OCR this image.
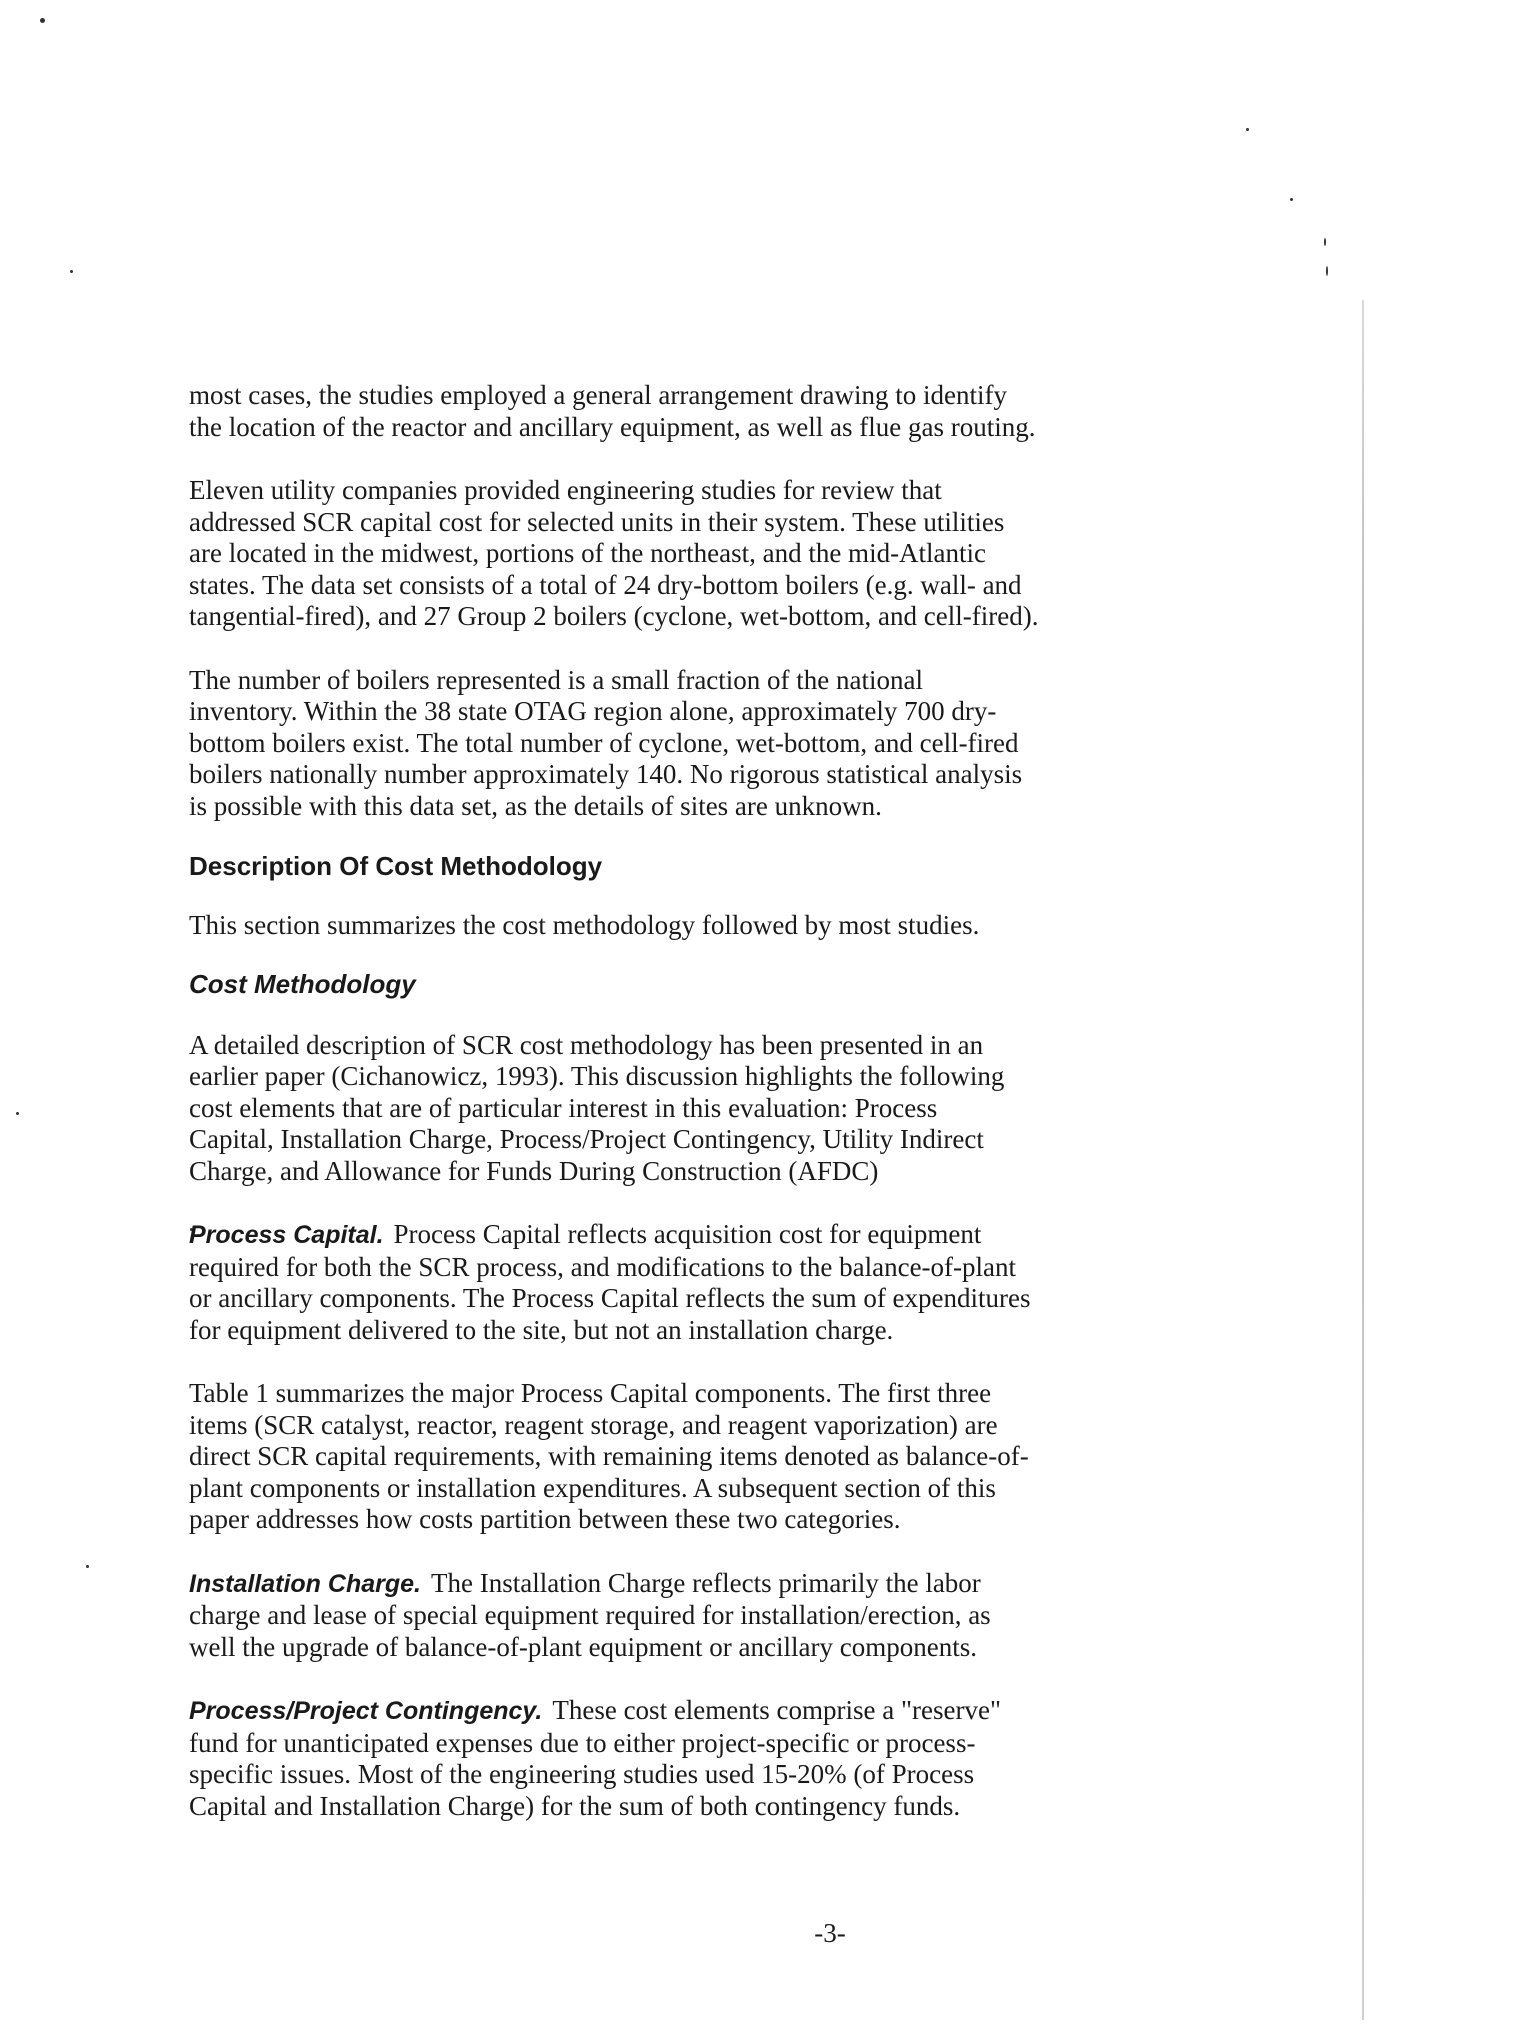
most cases, the studies employed a general arrangement drawing to identify
the location of the reactor and ancillary equipment, as well as flue gas routing.

Eleven utility companies provided engineering studies for review that
addressed SCR capital cost for selected units in their system. These utilities
are located in the midwest, portions of the northeast, and the mid-Atlantic
states. The data set consists of a total of 24 dry-bottom boilers (e.g. wall- and
tangential-fired), and 27 Group 2 boilers (cyclone, wet-bottom, and cell-fired).

The number of boilers represented is a small fraction of the national
inventory. Within the 38 state OTAG region alone, approximately 700 dry-
bottom boilers exist. The total number of cyclone, wet-bottom, and cell-fired
boilers nationally number approximately 140. No rigorous statistical analysis
is possible with this data set, as the details of sites are unknown.

Description Of Cost Methodology

This section summarizes the cost methodology followed by most studies.

Cost Methodology

A detailed description of SCR cost methodology has been presented in an
earlier paper (Cichanowicz, 1993). This discussion highlights the following
cost elements that are of particular interest in this evaluation: Process
Capital, Installation Charge, Process/Project Contingency, Utility Indirect
Charge, and Allowance for Funds During Construction (AFDC)

Process Capital. Process Capital reflects acquisition cost for equipment
required for both the SCR process, and modifications to the balance-of-plant
or ancillary components. The Process Capital reflects the sum of expenditures
for equipment delivered to the site, but not an installation charge.

Table 1 summarizes the major Process Capital components. The first three
items (SCR catalyst, reactor, reagent storage, and reagent vaporization) are
direct SCR capital requirements, with remaining items denoted as balance-of-
plant components or installation expenditures. A subsequent section of this
paper addresses how costs partition between these two categories.

Installation Charge. The Installation Charge reflects primarily the labor
charge and lease of special equipment required for installation/erection, as
well the upgrade of balance-of-plant equipment or ancillary components.

Process/Project Contingency. These cost elements comprise a "reserve"
fund for unanticipated expenses due to either project-specific or process-
specific issues. Most of the engineering studies used 15-20% (of Process
Capital and Installation Charge) for the sum of both contingency funds.

-3-
